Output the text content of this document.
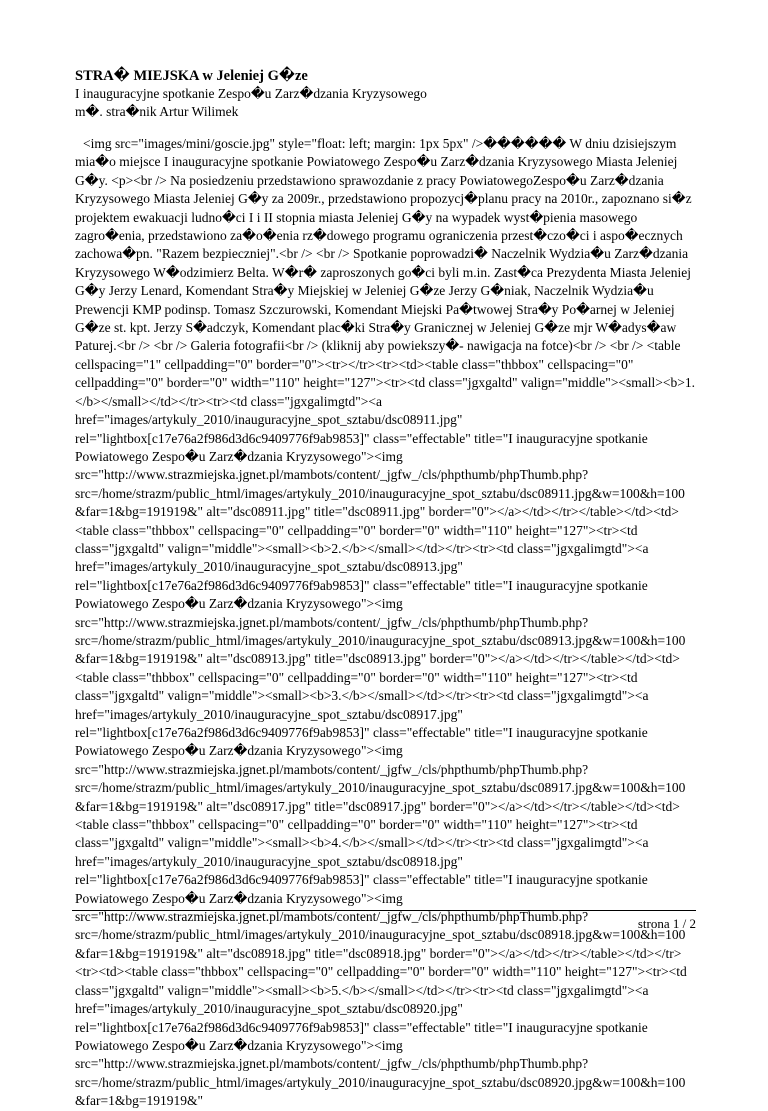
STRA� MIEJSKA w Jeleniej G�ze

I inauguracyjne spotkanie Zespo�u Zarz�dzania Kryzysowego

m�. stra�nik Artur Wilimek

<img src="images/mini/goscie.jpg" style="float: left; margin: 1px 5px" />������ W dniu dzisiejszym mia�o miejsce I inauguracyjne spotkanie Powiatowego Zespo�u Zarz�dzania Kryzysowego Miasta Jeleniej G�y. <p><br /> Na posiedzeniu przedstawiono sprawozdanie z pracy PowiatowegoZespo�u Zarz�dzania Kryzysowego Miasta Jeleniej G�y za 2009r., przedstawiono propozycj�planu pracy na 2010r., zapoznano si�z projektem ewakuacji ludno�ci I i II stopnia miasta Jeleniej G�y na wypadek wyst�pienia masowego zagro�enia, przedstawiono za�o�enia rz�dowego programu ograniczenia przest�czo�ci i aspo�ecznych zachowa�pn. "Razem bezpieczniej".<br /> <br /> Spotkanie poprowadzi� Naczelnik Wydzia�u Zarz�dzania Kryzysowego W�odzimierz Belta. W�r� zaproszonych go�ci byli m.in. Zast�ca Prezydenta Miasta Jeleniej G�y Jerzy Lenard, Komendant Stra�y Miejskiej w Jeleniej G�ze Jerzy G�niak, Naczelnik Wydzia�u Prewencji KMP podinsp. Tomasz Szczurowski, Komendant Miejski Pa�twowej Stra�y Po�arnej w Jeleniej G�ze st. kpt. Jerzy S�adczyk, Komendant plac�ki Stra�y Granicznej w Jeleniej G�ze mjr W�adys�aw Paturej.<br /> <br /> Galeria fotografii<br /> (kliknij aby powiekszy�- nawigacja na fotce)<br /> <br /> <table cellspacing="1" cellpadding="0" border="0"><tr></tr><tr><td><table class="thbbox" cellspacing="0" cellpadding="0" border="0" width="110" height="127"><tr><td class="jgxgaltd" valign="middle"><small><b>1.</b></small></td></tr><tr><td class="jgxgalimgtd"><a href="images/artykuly_2010/inauguracyjne_spot_sztabu/dsc08911.jpg" rel="lightbox[c17e76a2f986d3d6c9409776f9ab9853]" class="effectable" title="I inauguracyjne spotkanie Powiatowego Zespo�u Zarz�dzania Kryzysowego"><img src="http://www.strazmiejska.jgnet.pl/mambots/content/_jgfw_/cls/phpthumb/phpThumb.php?src=/home/strazm/public_html/images/artykuly_2010/inauguracyjne_spot_sztabu/dsc08911.jpg&w=100&h=100&far=1&bg=191919&" alt="dsc08911.jpg" title="dsc08911.jpg" border="0"></a></td></tr></table></td><td><table class="thbbox" cellspacing="0" cellpadding="0" border="0" width="110" height="127"><tr><td class="jgxgaltd" valign="middle"><small><b>2.</b></small></td></tr><tr><td class="jgxgalimgtd"><a href="images/artykuly_2010/inauguracyjne_spot_sztabu/dsc08913.jpg" rel="lightbox[c17e76a2f986d3d6c9409776f9ab9853]" class="effectable" title="I inauguracyjne spotkanie Powiatowego Zespo�u Zarz�dzania Kryzysowego"><img src="http://www.strazmiejska.jgnet.pl/mambots/content/_jgfw_/cls/phpthumb/phpThumb.php?src=/home/strazm/public_html/images/artykuly_2010/inauguracyjne_spot_sztabu/dsc08913.jpg&w=100&h=100&far=1&bg=191919&" alt="dsc08913.jpg" title="dsc08913.jpg" border="0"></a></td></tr></table></td><td><table class="thbbox" cellspacing="0" cellpadding="0" border="0" width="110" height="127"><tr><td class="jgxgaltd" valign="middle"><small><b>3.</b></small></td></tr><tr><td class="jgxgalimgtd"><a href="images/artykuly_2010/inauguracyjne_spot_sztabu/dsc08917.jpg" rel="lightbox[c17e76a2f986d3d6c9409776f9ab9853]" class="effectable" title="I inauguracyjne spotkanie Powiatowego Zespo�u Zarz�dzania Kryzysowego"><img src="http://www.strazmiejska.jgnet.pl/mambots/content/_jgfw_/cls/phpthumb/phpThumb.php?src=/home/strazm/public_html/images/artykuly_2010/inauguracyjne_spot_sztabu/dsc08917.jpg&w=100&h=100&far=1&bg=191919&" alt="dsc08917.jpg" title="dsc08917.jpg" border="0"></a></td></tr></table></td><td><table class="thbbox" cellspacing="0" cellpadding="0" border="0" width="110" height="127"><tr><td class="jgxgaltd" valign="middle"><small><b>4.</b></small></td></tr><tr><td class="jgxgalimgtd"><a href="images/artykuly_2010/inauguracyjne_spot_sztabu/dsc08918.jpg" rel="lightbox[c17e76a2f986d3d6c9409776f9ab9853]" class="effectable" title="I inauguracyjne spotkanie Powiatowego Zespo�u Zarz�dzania Kryzysowego"><img src="http://www.strazmiejska.jgnet.pl/mambots/content/_jgfw_/cls/phpthumb/phpThumb.php?src=/home/strazm/public_html/images/artykuly_2010/inauguracyjne_spot_sztabu/dsc08918.jpg&w=100&h=100&far=1&bg=191919&" alt="dsc08918.jpg" title="dsc08918.jpg" border="0"></a></td></tr></table></td></tr><tr><td><table class="thbbox" cellspacing="0" cellpadding="0" border="0" width="110" height="127"><tr><td class="jgxgaltd" valign="middle"><small><b>5.</b></small></td></tr><tr><td class="jgxgalimgtd"><a href="images/artykuly_2010/inauguracyjne_spot_sztabu/dsc08920.jpg" rel="lightbox[c17e76a2f986d3d6c9409776f9ab9853]" class="effectable" title="I inauguracyjne spotkanie Powiatowego Zespo�u Zarz�dzania Kryzysowego"><img src="http://www.strazmiejska.jgnet.pl/mambots/content/_jgfw_/cls/phpthumb/phpThumb.php?src=/home/strazm/public_html/images/artykuly_2010/inauguracyjne_spot_sztabu/dsc08920.jpg&w=100&h=100&far=1&bg=191919&"

strona 1 / 2
